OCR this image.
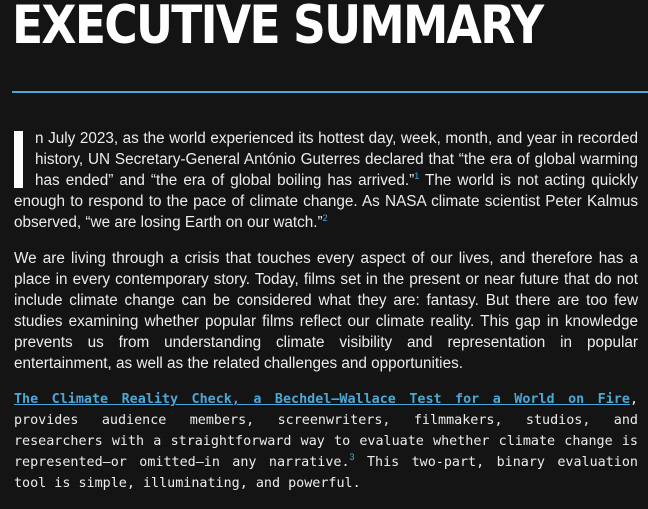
EXECUTIVE SUMMARY

n July 2023, as the world experienced its hottest day, week, month, and year in recorded history, UN Secretary-General António Guterres declared that “the era of global warming has ended” and “the era of global boiling has arrived.”$^1$ The world is not acting quickly enough to respond to the pace of climate change. As NASA climate scientist Peter Kalmus observed, “we are losing Earth on our watch.”$^2$

We are living through a crisis that touches every aspect of our lives, and therefore has a place in every contemporary story. Today, films set in the present or near future that do not include climate change can be considered what they are: fantasy. But there are too few studies examining whether popular films reflect our climate reality. This gap in knowledge prevents us from understanding climate visibility and representation in popular entertainment, as well as the related challenges and opportunities.

The Climate Reality Check, a Bechdel–Wallace Test for a World on Fire, provides audience members, screenwriters, filmmakers, studios, and researchers with a straightforward way to evaluate whether climate change is represented—or omitted—in any narrative.$^3$ This two-part, binary evaluation tool is simple, illuminating, and powerful.
